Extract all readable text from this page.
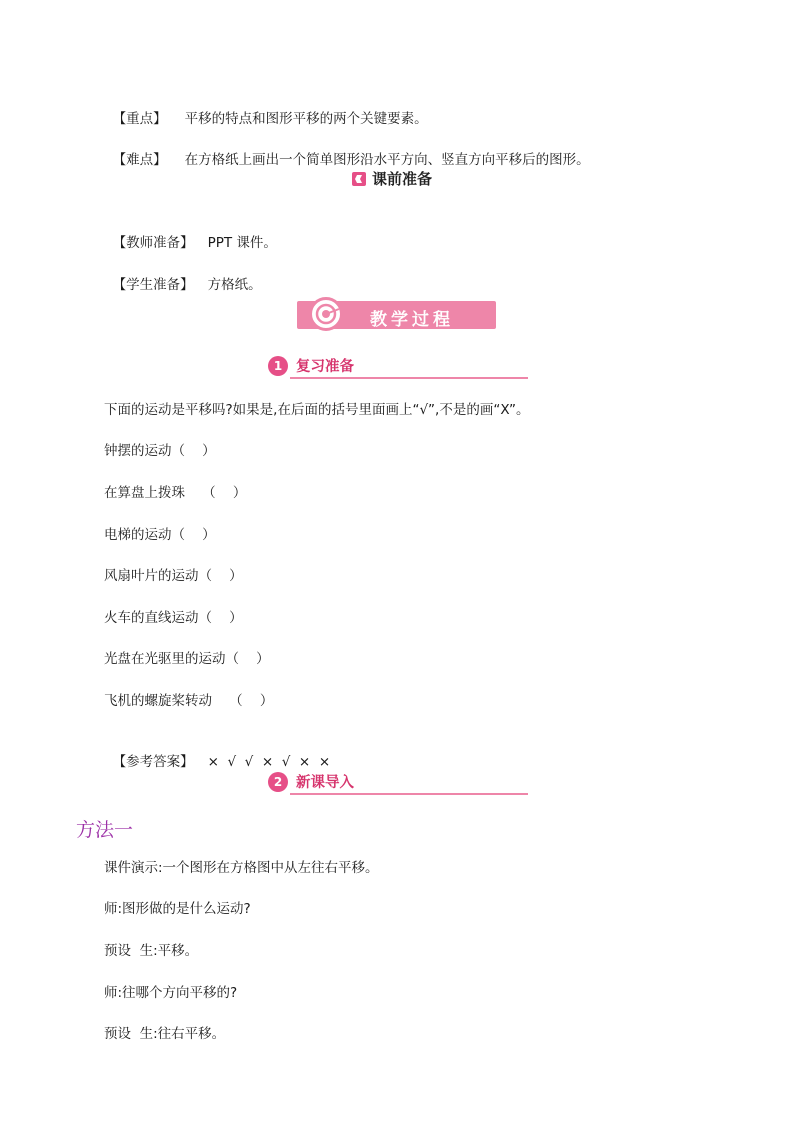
【重点】 平移的特点和图形平移的两个关键要素。

【难点】 在方格纸上画出一个简单图形沿水平方向、竖直方向平移后的图形。

课前准备

【教师准备】 PPT 课件。

【学生准备】 方格纸。

教学过程
1 复习准备
下面的运动是平移吗?如果是,在后面的括号里面画上“√”,不是的画“X”。
钟摆的运动（    ）
在算盘上拨珠    （    ）
电梯的运动（    ）
风扇叶片的运动（    ）
火车的直线运动（    ）
光盘在光驱里的运动（    ）
飞机的螺旋桨转动    （    ）

【参考答案】 ×  √  √  ×  √  ×  ×

2 新课导入
方法一
课件演示:一个图形在方格图中从左往右平移。
师:图形做的是什么运动?
预设  生:平移。
师:往哪个方向平移的?
预设  生:往右平移。
